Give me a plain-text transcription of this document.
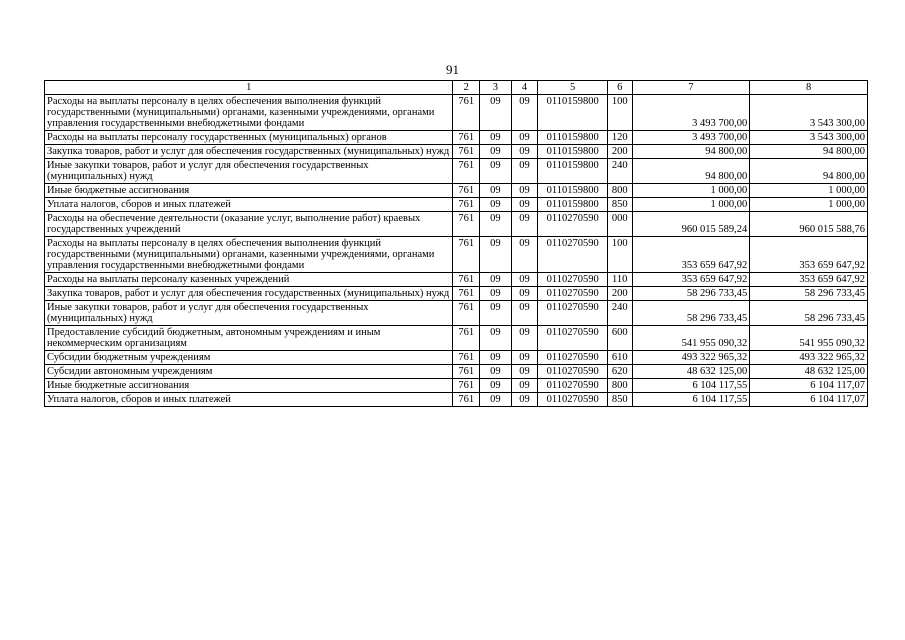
91
1	2	3	4	5	6	7	8
Расходы на выплаты персоналу в целях обеспечения выполнения функций государственными (муниципальными) органами, казенными учреждениями, органами управления государственными внебюджетными фондами	761	09	09	0110159800	100	3 493 700,00	3 543 300,00
Расходы на выплаты персоналу государственных (муниципальных) органов	761	09	09	0110159800	120	3 493 700,00	3 543 300,00
Закупка товаров, работ и услуг для обеспечения государственных (муниципальных) нужд	761	09	09	0110159800	200	94 800,00	94 800,00
Иные закупки товаров, работ и услуг для обеспечения государственных (муниципальных) нужд	761	09	09	0110159800	240	94 800,00	94 800,00
Иные бюджетные ассигнования	761	09	09	0110159800	800	1 000,00	1 000,00
Уплата налогов, сборов и иных платежей	761	09	09	0110159800	850	1 000,00	1 000,00
Расходы на обеспечение деятельности (оказание услуг, выполнение работ) краевых государственных учреждений	761	09	09	0110270590	000	960 015 589,24	960 015 588,76
Расходы на выплаты персоналу в целях обеспечения выполнения функций государственными (муниципальными) органами, казенными учреждениями, органами управления государственными внебюджетными фондами	761	09	09	0110270590	100	353 659 647,92	353 659 647,92
Расходы на выплаты персоналу казенных учреждений	761	09	09	0110270590	110	353 659 647,92	353 659 647,92
Закупка товаров, работ и услуг для обеспечения государственных (муниципальных) нужд	761	09	09	0110270590	200	58 296 733,45	58 296 733,45
Иные закупки товаров, работ и услуг для обеспечения государственных (муниципальных) нужд	761	09	09	0110270590	240	58 296 733,45	58 296 733,45
Предоставление субсидий бюджетным, автономным учреждениям и иным некоммерческим организациям	761	09	09	0110270590	600	541 955 090,32	541 955 090,32
Субсидии бюджетным учреждениям	761	09	09	0110270590	610	493 322 965,32	493 322 965,32
Субсидии автономным учреждениям	761	09	09	0110270590	620	48 632 125,00	48 632 125,00
Иные бюджетные ассигнования	761	09	09	0110270590	800	6 104 117,55	6 104 117,07
Уплата налогов, сборов и иных платежей	761	09	09	0110270590	850	6 104 117,55	6 104 117,07
